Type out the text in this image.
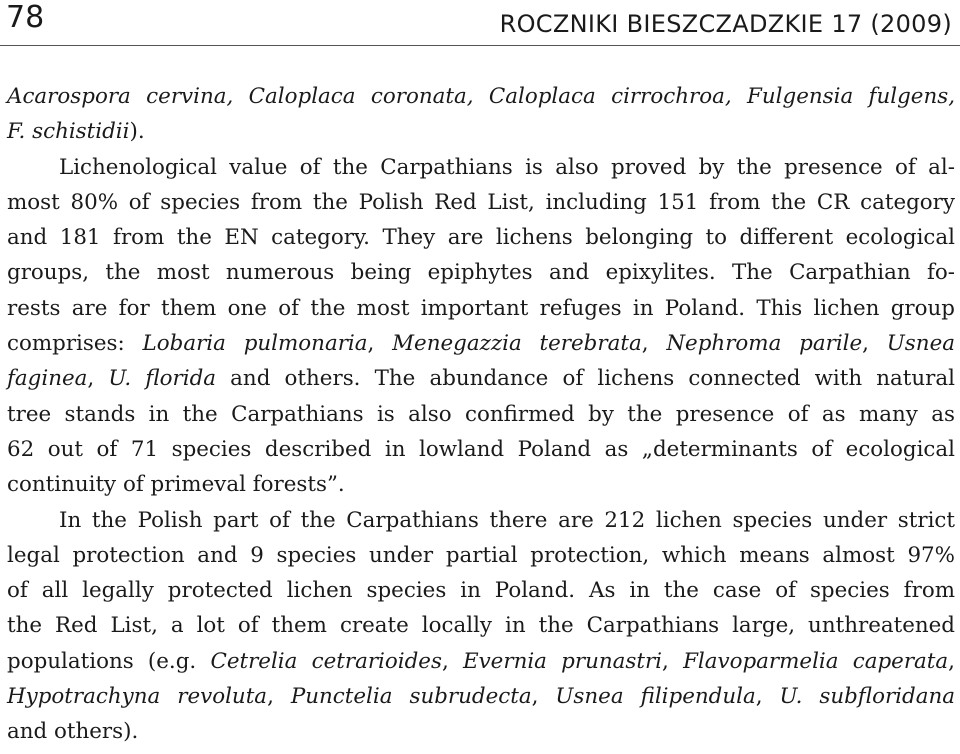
78	ROCZNIKI BIESZCZADZKIE 17 (2009)
Acarospora cervina, Caloplaca coronata, Caloplaca cirrochroa, Fulgensia fulgens,
F. schistidii).
Lichenological value of the Carpathians is also proved by the presence of al-
most 80% of species from the Polish Red List, including 151 from the CR category
and 181 from the EN category. They are lichens belonging to different ecological
groups, the most numerous being epiphytes and epixylites. The Carpathian fo-
rests are for them one of the most important refuges in Poland. This lichen group
comprises: Lobaria pulmonaria, Menegazzia terebrata, Nephroma parile, Usnea
faginea, U. florida and others. The abundance of lichens connected with natural
tree stands in the Carpathians is also confirmed by the presence of as many as
62 out of 71 species described in lowland Poland as „determinants of ecological
continuity of primeval forests”.
In the Polish part of the Carpathians there are 212 lichen species under strict
legal protection and 9 species under partial protection, which means almost 97%
of all legally protected lichen species in Poland. As in the case of species from
the Red List, a lot of them create locally in the Carpathians large, unthreatened
populations (e.g. Cetrelia cetrarioides, Evernia prunastri, Flavoparmelia caperata,
Hypotrachyna revoluta, Punctelia subrudecta, Usnea filipendula, U. subfloridana
and others).
